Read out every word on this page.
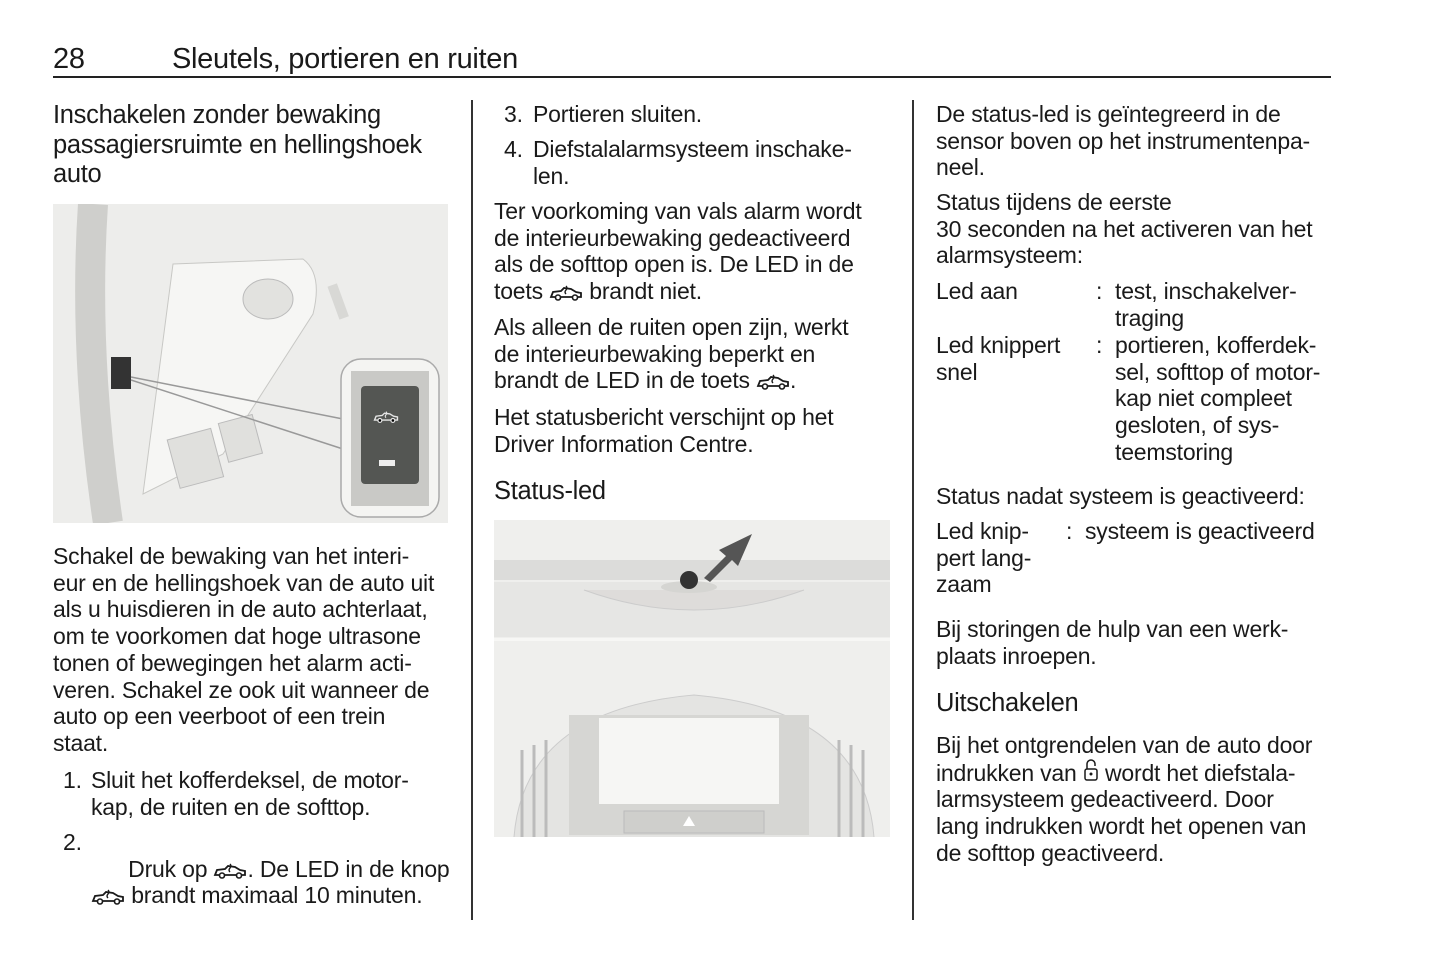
28	Sleutels, portieren en ruiten
Inschakelen zonder bewaking
passagiersruimte en hellingshoek
auto
Schakel de bewaking van het interi-
eur en de hellingshoek van de auto uit
als u huisdieren in de auto achterlaat,
om te voorkomen dat hoge ultrasone
tonen of bewegingen het alarm acti-
veren. Schakel ze ook uit wanneer de
auto op een veerboot of een trein
staat.
1. Sluit het kofferdeksel, de motor-
kap, de ruiten en de softtop.
2.

Druk op . De LED in de knop
brandt maximaal 10 minuten.

3. Portieren sluiten.
4. Diefstalalarmsysteem inschake-
len.
Ter voorkoming van vals alarm wordt
de interieurbewaking gedeactiveerd
als de softtop open is. De LED in de
toets  brandt niet.
Als alleen de ruiten open zijn, werkt
de interieurbewaking beperkt en
brandt de LED in de toets .
Het statusbericht verschijnt op het
Driver Information Centre.
Status-led
De status-led is geïntegreerd in de
sensor boven op het instrumentenpa-
neel.
Status tijdens de eerste
30 seconden na het activeren van het
alarmsysteem:
Led aan	: test, inschakelver-
traging
Led knippert
snel
: portieren, kofferdek-
sel, softtop of motor-
kap niet compleet
gesloten, of sys-
teemstoring
Status nadat systeem is geactiveerd:
Led knip-
pert lang-
zaam
: systeem is geactiveerd
Bij storingen de hulp van een werk-
plaats inroepen.
Uitschakelen
Bij het ontgrendelen van de auto door
indrukken van  wordt het diefstala-
larmsysteem gedeactiveerd. Door
lang indrukken wordt het openen van
de softtop geactiveerd.
